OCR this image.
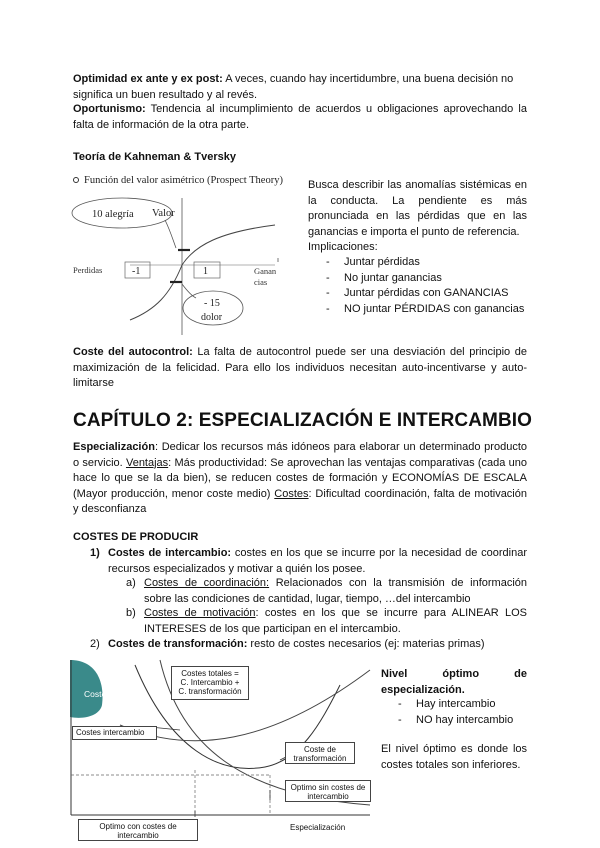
Optimidad ex ante y ex post: A veces, cuando hay incertidumbre, una buena decisión no significa un buen resultado y al revés.
Oportunismo: Tendencia al incumplimiento de acuerdos u obligaciones aprovechando la falta de información de la otra parte.
Teoría de Kahneman & Tversky
Función del valor asimétrico (Prospect Theory)
10 alegría Valor
Perdidas	Ganan
cias
-1	1
- 15
dolor
Busca describir las anomalías sistémicas en la conducta. La pendiente es más pronunciada en las pérdidas que en las ganancias e importa el punto de referencia.
Implicaciones:
- Juntar pérdidas
- No juntar ganancias
- Juntar pérdidas con GANANCIAS
- NO juntar PÉRDIDAS con ganancias
Coste del autocontrol: La falta de autocontrol puede ser una desviación del principio de maximización de la felicidad. Para ello los individuos necesitan auto-incentivarse y auto-limitarse
CAPÍTULO 2: ESPECIALIZACIÓN E INTERCAMBIO
Especialización: Dedicar los recursos más idóneos para elaborar un determinado producto o servicio. Ventajas: Más productividad: Se aprovechan las ventajas comparativas (cada uno hace lo que se la da bien), se reducen costes de formación y ECONOMÍAS DE ESCALA (Mayor producción, menor coste medio) Costes: Dificultad coordinación, falta de motivación y desconfianza
COSTES DE PRODUCIR
1) Costes de intercambio: costes en los que se incurre por la necesidad de coordinar recursos especializados y motivar a quién los posee.
a) Costes de coordinación: Relacionados con la transmisión de información sobre las condiciones de cantidad, lugar, tiempo, …del intercambio
b) Costes de motivación: costes en los que se incurre para ALINEAR LOS INTERESES de los que participan en el intercambio.
2) Costes de transformación: resto de costes necesarios (ej: materias primas)
Costes
Costes totales =
C. Intercambio +
C. transformación
Costes intercambio
Coste de
transformación
Optimo sin costes de
intercambio
Optimo con costes de
intercambio
Especialización
Nivel óptimo de
especialización.
- Hay intercambio
- NO hay intercambio
El nivel óptimo es donde los costes totales son inferiores.
